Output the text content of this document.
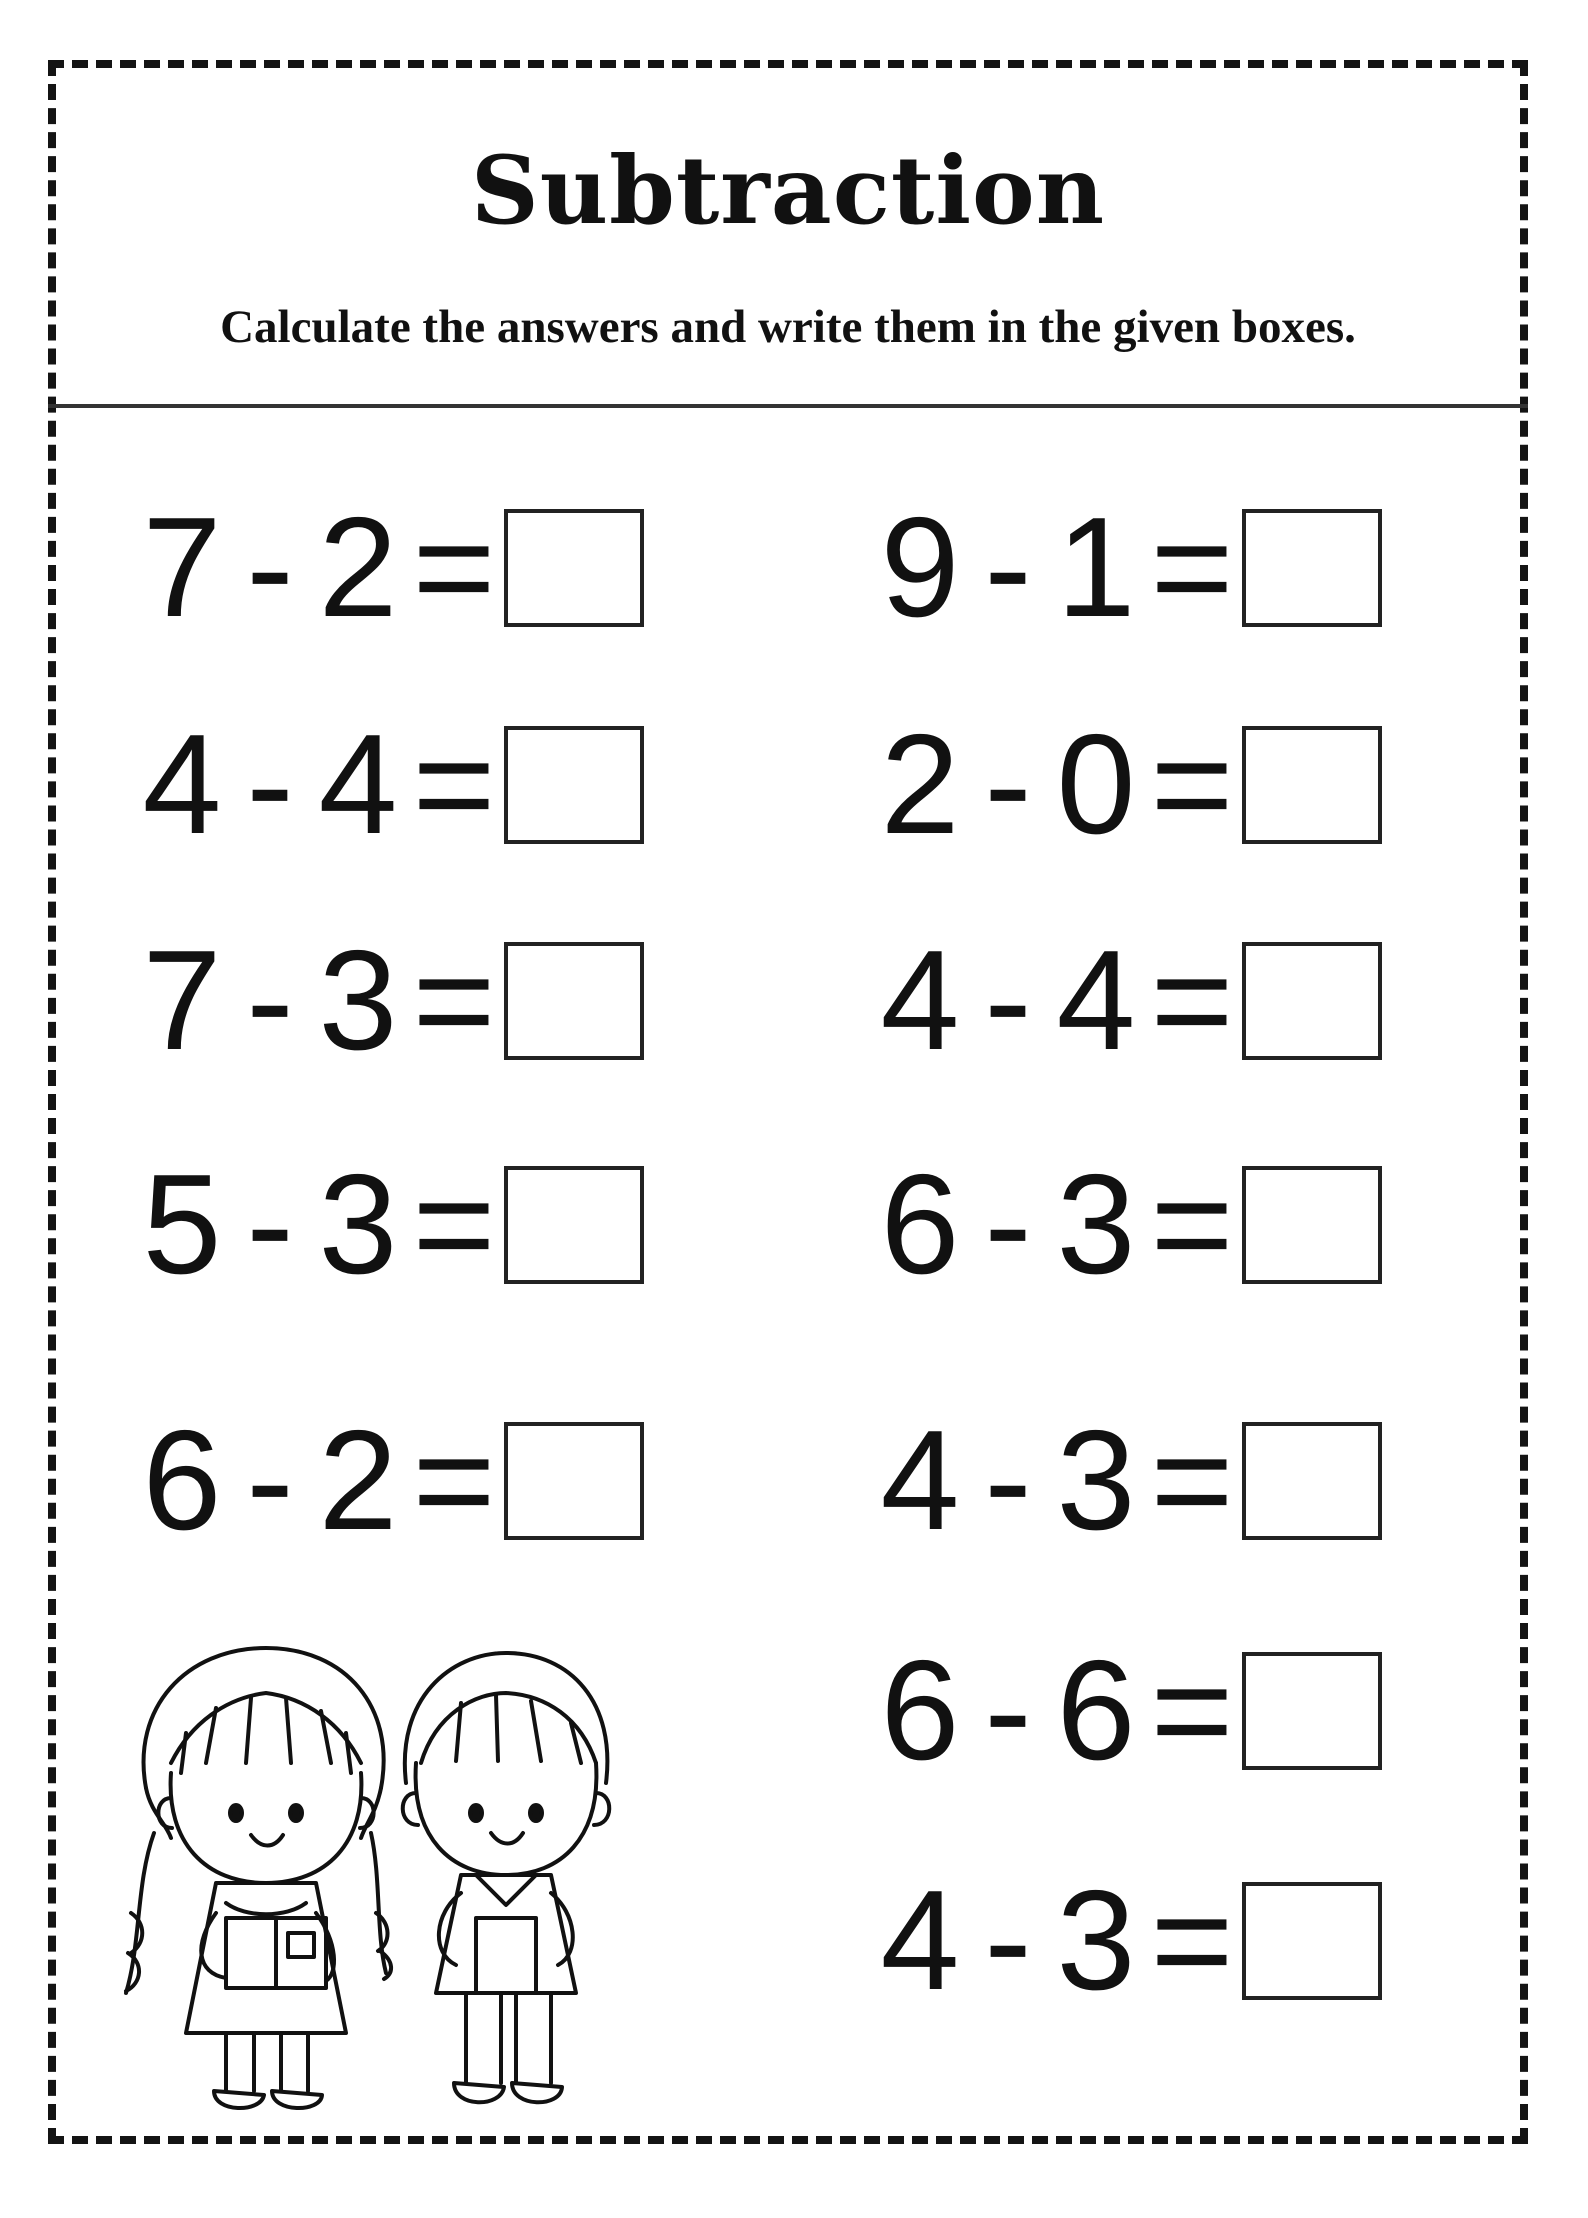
Subtraction
Calculate the answers and write them in the given boxes.
7 - 2 =
4 - 4 =
7 - 3 =
5 - 3 =
6 - 2 =
9 - 1 =
2 - 0 =
4 - 4 =
6 - 3 =
4 - 3 =
6 - 6 =
4 - 3 =
